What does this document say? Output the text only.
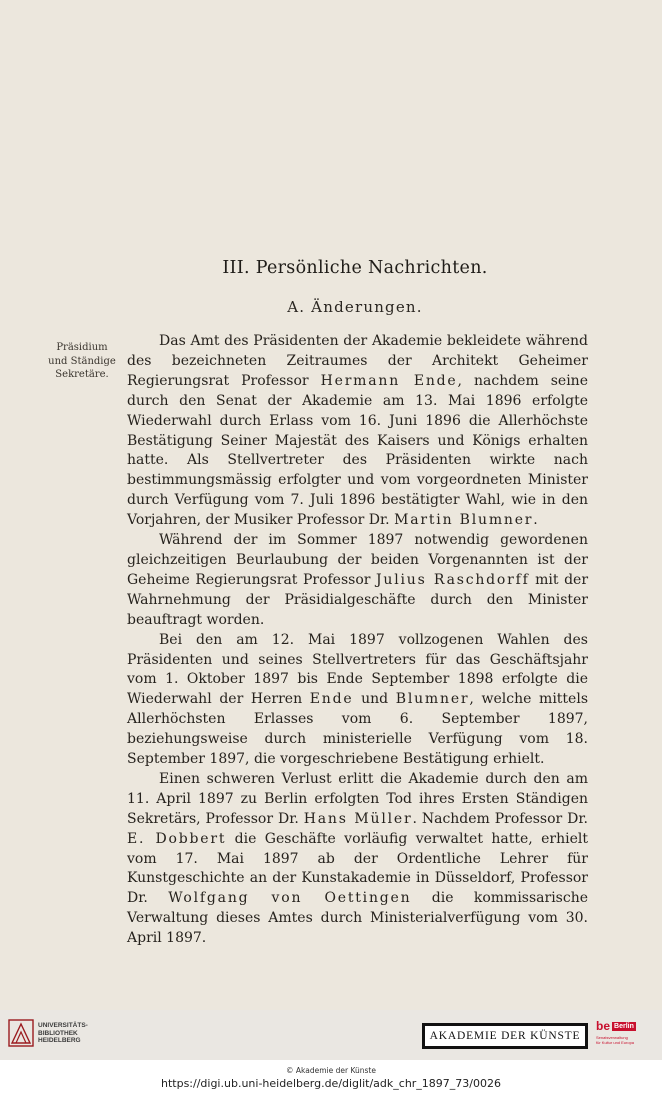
III. Persönliche Nachrichten.
A. Änderungen.
Präsidium
und Ständige
Sekretäre.

Das Amt des Präsidenten der Akademie bekleidete während des bezeichneten Zeitraumes der Architekt Geheimer Regierungsrat Professor Hermann Ende, nachdem seine durch den Senat der Akademie am 13. Mai 1896 erfolgte Wiederwahl durch Erlass vom 16. Juni 1896 die Allerhöchste Bestätigung Seiner Majestät des Kaisers und Königs erhalten hatte. Als Stellvertreter des Präsidenten wirkte nach bestimmungsmässig erfolgter und vom vorgeordneten Minister durch Verfügung vom 7. Juli 1896 bestätigter Wahl, wie in den Vorjahren, der Musiker Professor Dr. Martin Blumner.

Während der im Sommer 1897 notwendig gewordenen gleichzeitigen Beurlaubung der beiden Vorgenannten ist der Geheime Regierungsrat Professor Julius Raschdorff mit der Wahrnehmung der Präsidialgeschäfte durch den Minister beauftragt worden.

Bei den am 12. Mai 1897 vollzogenen Wahlen des Präsidenten und seines Stellvertreters für das Geschäftsjahr vom 1. Oktober 1897 bis Ende September 1898 erfolgte die Wiederwahl der Herren Ende und Blumner, welche mittels Allerhöchsten Erlasses vom 6. September 1897, beziehungsweise durch ministerielle Verfügung vom 18. September 1897, die vorgeschriebene Bestätigung erhielt.

Einen schweren Verlust erlitt die Akademie durch den am 11. April 1897 zu Berlin erfolgten Tod ihres Ersten Ständigen Sekretärs, Professor Dr. Hans Müller. Nachdem Professor Dr. E. Dobbert die Geschäfte vorläufig verwaltet hatte, erhielt vom 17. Mai 1897 ab der Ordentliche Lehrer für Kunstgeschichte an der Kunstakademie in Düsseldorf, Professor Dr. Wolfgang von Oettingen die kommissarische Verwaltung dieses Amtes durch Ministerialverfügung vom 30. April 1897.

UNIVERSITÄTS-
BIBLIOTHEK
HEIDELBERG	AKADEMIE DER KÜNSTE
be Berlin
Senatsverwaltung
für Kultur und Europa
© Akademie der Künste
https://digi.ub.uni-heidelberg.de/diglit/adk_chr_1897_73/0026
